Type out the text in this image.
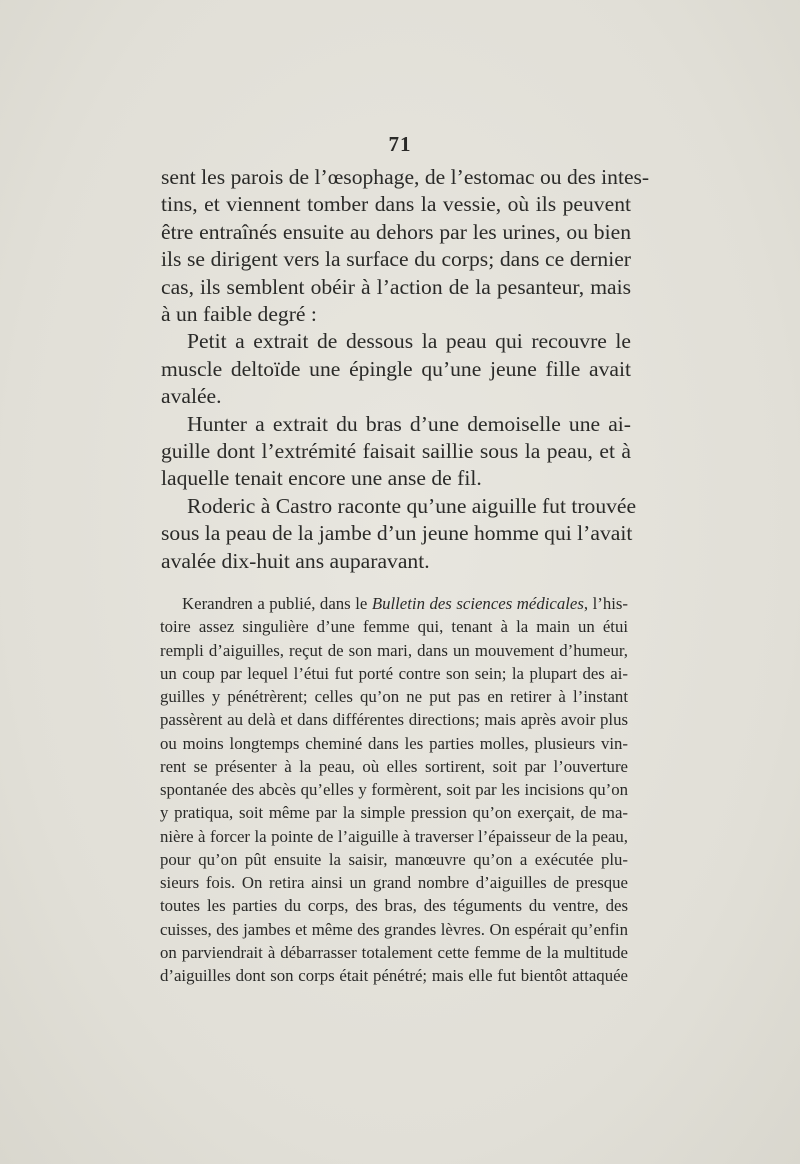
71
sent les parois de l’œsophage, de l’estomac ou des intes-
tins, et viennent tomber dans la vessie, où ils peuvent
être entraînés ensuite au dehors par les urines, ou bien
ils se dirigent vers la surface du corps; dans ce dernier
cas, ils semblent obéir à l’action de la pesanteur, mais
à un faible degré :
Petit a extrait de dessous la peau qui recouvre le
muscle deltoïde une épingle qu’une jeune fille avait
avalée.
Hunter a extrait du bras d’une demoiselle une ai-
guille dont l’extrémité faisait saillie sous la peau, et à
laquelle tenait encore une anse de fil.
Roderic à Castro raconte qu’une aiguille fut trouvée
sous la peau de la jambe d’un jeune homme qui l’avait
avalée dix-huit ans auparavant.
Kerandren a publié, dans le Bulletin des sciences médicales, l’his-
toire assez singulière d’une femme qui, tenant à la main un étui
rempli d’aiguilles, reçut de son mari, dans un mouvement d’humeur,
un coup par lequel l’étui fut porté contre son sein; la plupart des ai-
guilles y pénétrèrent; celles qu’on ne put pas en retirer à l’instant
passèrent au delà et dans différentes directions; mais après avoir plus
ou moins longtemps cheminé dans les parties molles, plusieurs vin-
rent se présenter à la peau, où elles sortirent, soit par l’ouverture
spontanée des abcès qu’elles y formèrent, soit par les incisions qu’on
y pratiqua, soit même par la simple pression qu’on exerçait, de ma-
nière à forcer la pointe de l’aiguille à traverser l’épaisseur de la peau,
pour qu’on pût ensuite la saisir, manœuvre qu’on a exécutée plu-
sieurs fois. On retira ainsi un grand nombre d’aiguilles de presque
toutes les parties du corps, des bras, des téguments du ventre, des
cuisses, des jambes et même des grandes lèvres. On espérait qu’enfin
on parviendrait à débarrasser totalement cette femme de la multitude
d’aiguilles dont son corps était pénétré; mais elle fut bientôt attaquée
